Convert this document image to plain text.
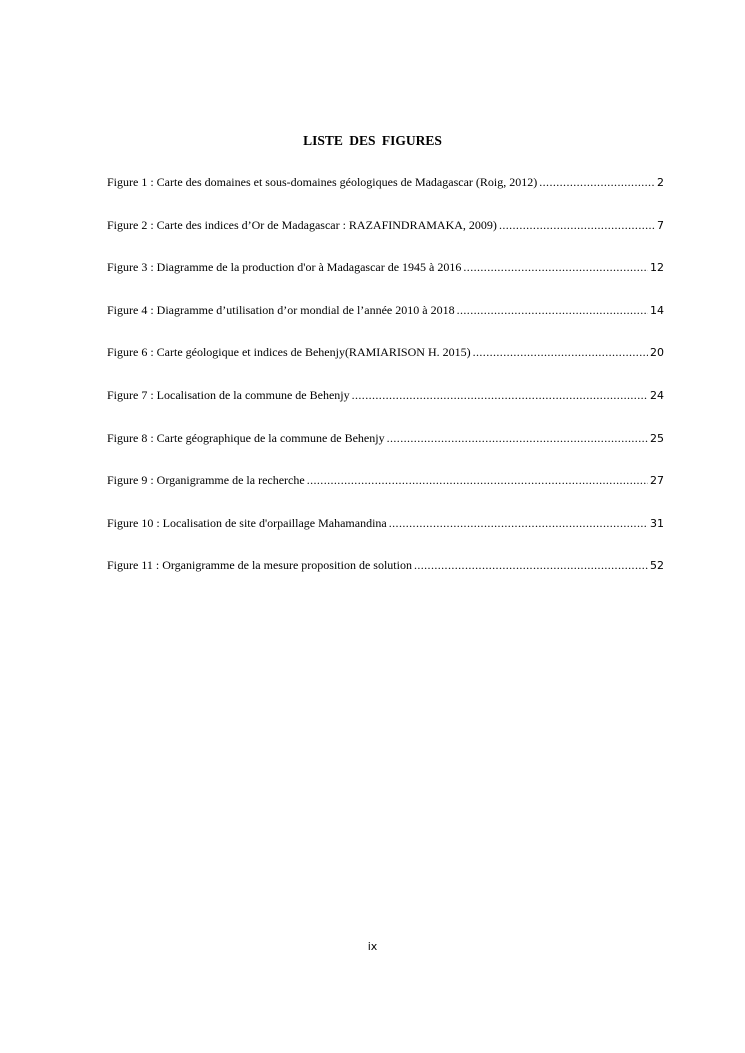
LISTE DES FIGURES
Figure 1 : Carte des domaines et sous-domaines géologiques de Madagascar (Roig, 2012) .....	2
Figure 2 : Carte des indices d’Or de Madagascar : RAZAFINDRAMAKA, 2009) .....	7
Figure 3 : Diagramme de la production d'or à Madagascar de 1945 à 2016 .....	12
Figure 4 : Diagramme d’utilisation d’or mondial de l’année 2010 à 2018 .....	14
Figure 6 : Carte géologique et indices de Behenjy(RAMIARISON H. 2015) .....	20
Figure 7 : Localisation de la commune de Behenjy .....	24
Figure 8 : Carte géographique de la commune de Behenjy .....	25
Figure 9 : Organigramme de la recherche .....	27
Figure 10 : Localisation de site d'orpaillage Mahamandina .....	31
Figure 11 : Organigramme de la mesure proposition de solution .....	52
ix
